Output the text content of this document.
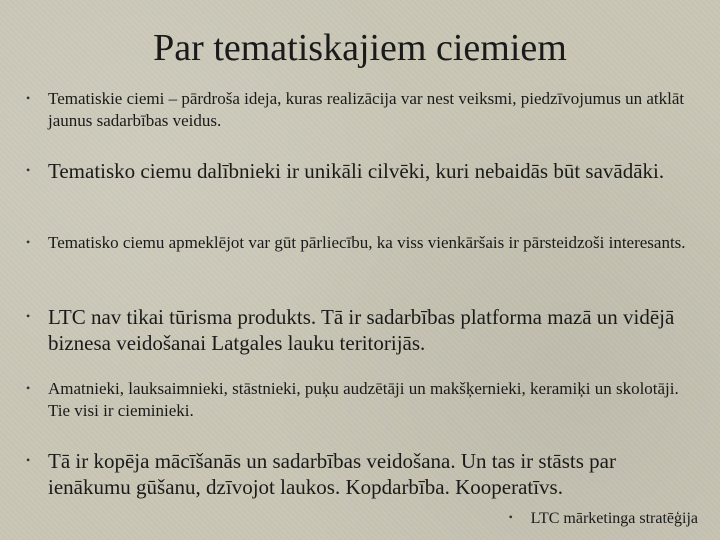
Par tematiskajiem ciemiem
• Tematiskie ciemi – pārdroša ideja, kuras realizācija var nest veiksmi, piedzīvojumus un atklāt jaunus sadarbības veidus.
• Tematisko ciemu dalībnieki ir unikāli cilvēki, kuri nebaidās būt savādāki.
• Tematisko ciemu apmeklējot var gūt pārliecību, ka viss vienkāršais ir pārsteidzoši interesants.
• LTC nav tikai tūrisma produkts. Tā ir sadarbības platforma mazā un vidējā biznesa veidošanai Latgales lauku teritorijās.
• Amatnieki, lauksaimnieki, stāstnieki, puķu audzētāji un makšķernieki, keramiķi un skolotāji. Tie visi ir cieminieki.
• Tā ir kopēja mācīšanās un sadarbības veidošana. Un tas ir stāsts par ienākumu gūšanu, dzīvojot laukos. Kopdarbība. Kooperatīvs.
• LTC mārketinga stratēģija
